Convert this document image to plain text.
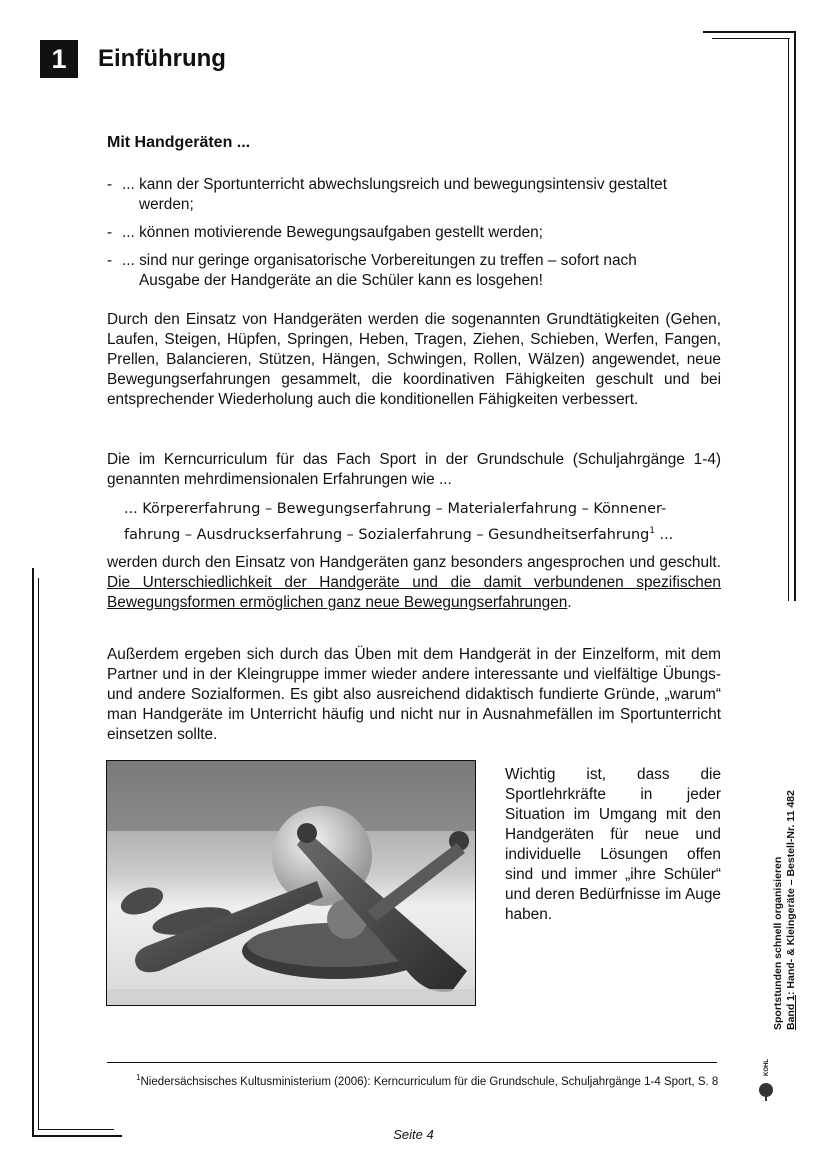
1 Einführung
Mit Handgeräten ...
- ... kann der Sportunterricht abwechslungsreich und bewegungsintensiv gestaltet
werden;
- ... können motivierende Bewegungsaufgaben gestellt werden;
- ... sind nur geringe organisatorische Vorbereitungen zu treffen – sofort nach
Ausgabe der Handgeräte an die Schüler kann es losgehen!
Durch den Einsatz von Handgeräten werden die sogenannten Grundtätigkeiten (Gehen, Laufen, Steigen, Hüpfen, Springen, Heben, Tragen, Ziehen, Schieben, Werfen, Fangen, Prellen, Balancieren, Stützen, Hängen, Schwingen, Rollen, Wälzen) angewendet, neue Bewegungserfahrungen gesammelt, die koordinativen Fähigkeiten geschult und bei entsprechender Wiederholung auch die konditionellen Fähigkeiten verbessert.
Die im Kerncurriculum für das Fach Sport in der Grundschule (Schuljahrgänge 1-4) genannten mehrdimensionalen Erfahrungen wie ...
... Körpererfahrung – Bewegungserfahrung – Materialerfahrung – Könnener-
fahrung – Ausdruckserfahrung – Sozialerfahrung – Gesundheitserfahrung$^1$ ...
werden durch den Einsatz von Handgeräten ganz besonders angesprochen und geschult. Die Unterschiedlichkeit der Handgeräte und die damit verbundenen spezifischen Bewegungsformen ermöglichen ganz neue Bewegungserfahrungen.
Außerdem ergeben sich durch das Üben mit dem Handgerät in der Einzelform, mit dem Partner und in der Kleingruppe immer wieder andere interessante und vielfältige Übungs- und andere Sozialformen. Es gibt also ausreichend didaktisch fundierte Gründe, „warum“ man Handgeräte im Unterricht häufig und nicht nur in Ausnahmefällen im Sportunterricht einsetzen sollte.
Wichtig ist, dass die Sportlehrkräfte in jeder Situation im Umgang mit den Handgeräten für neue und individuelle Lösungen offen sind und immer „ihre Schüler“ und deren Bedürfnisse im Auge haben.
$^1$Niedersächsisches Kultusministerium (2006): Kerncurriculum für die Grundschule, Schuljahrgänge 1-4 Sport, S. 8
Seite 4
Sportstunden schnell organisieren Band 1: Hand- & Kleingeräte – Bestell-Nr. 11 482
KOHL
